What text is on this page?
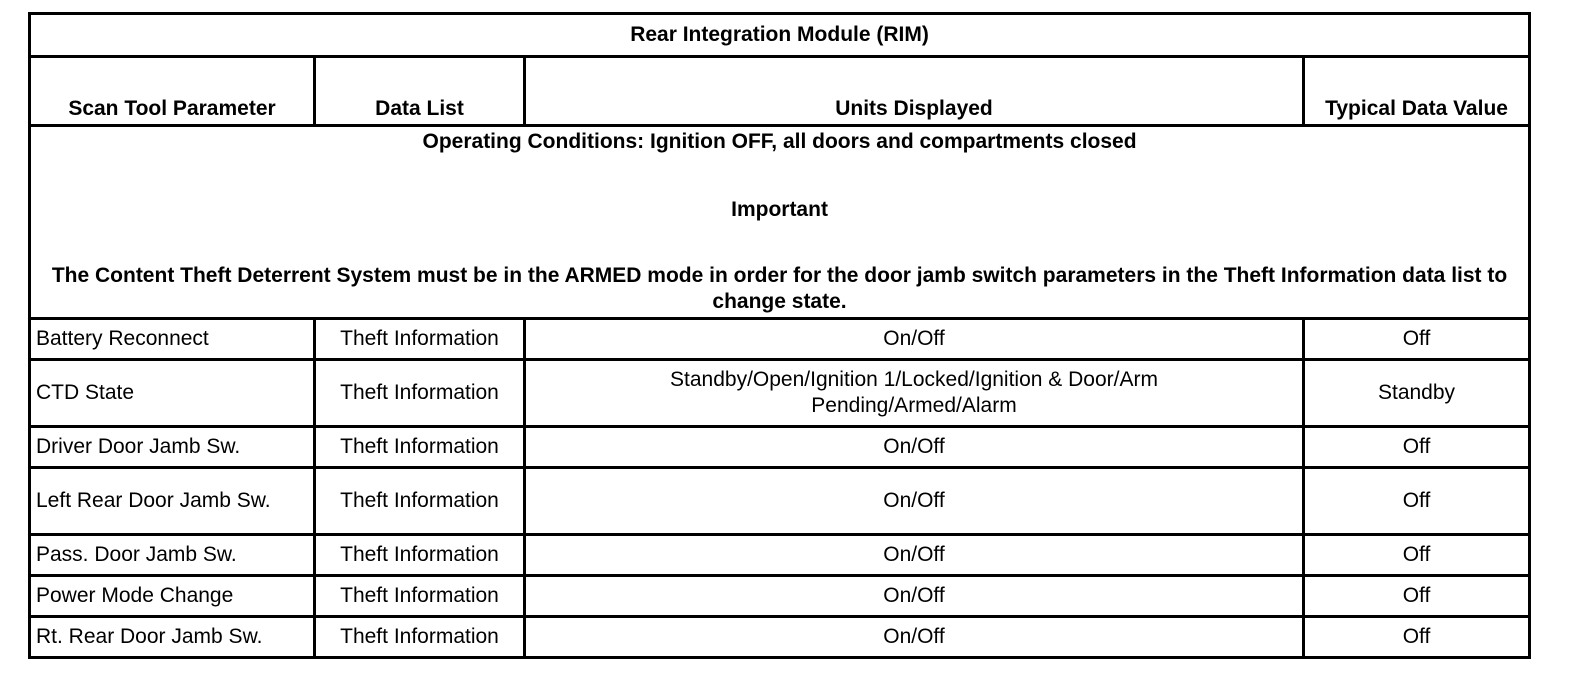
Rear Integration Module (RIM)			
Scan Tool Parameter	Data List	Units Displayed	Typical Data Value

Operating Conditions: Ignition OFF, all doors and compartments closed
Important
The Content Theft Deterrent System must be in the ARMED mode in order for the door jamb switch parameters in the Theft Information data list to change state.			

Battery Reconnect	Theft Information	On/Off	Off
CTD State	Theft Information	Standby/Open/Ignition 1/Locked/Ignition & Door/Arm Pending/Armed/Alarm	Standby
Driver Door Jamb Sw.	Theft Information	On/Off	Off
Left Rear Door Jamb Sw.	Theft Information	On/Off	Off
Pass. Door Jamb Sw.	Theft Information	On/Off	Off
Power Mode Change	Theft Information	On/Off	Off
Rt. Rear Door Jamb Sw.	Theft Information	On/Off	Off
